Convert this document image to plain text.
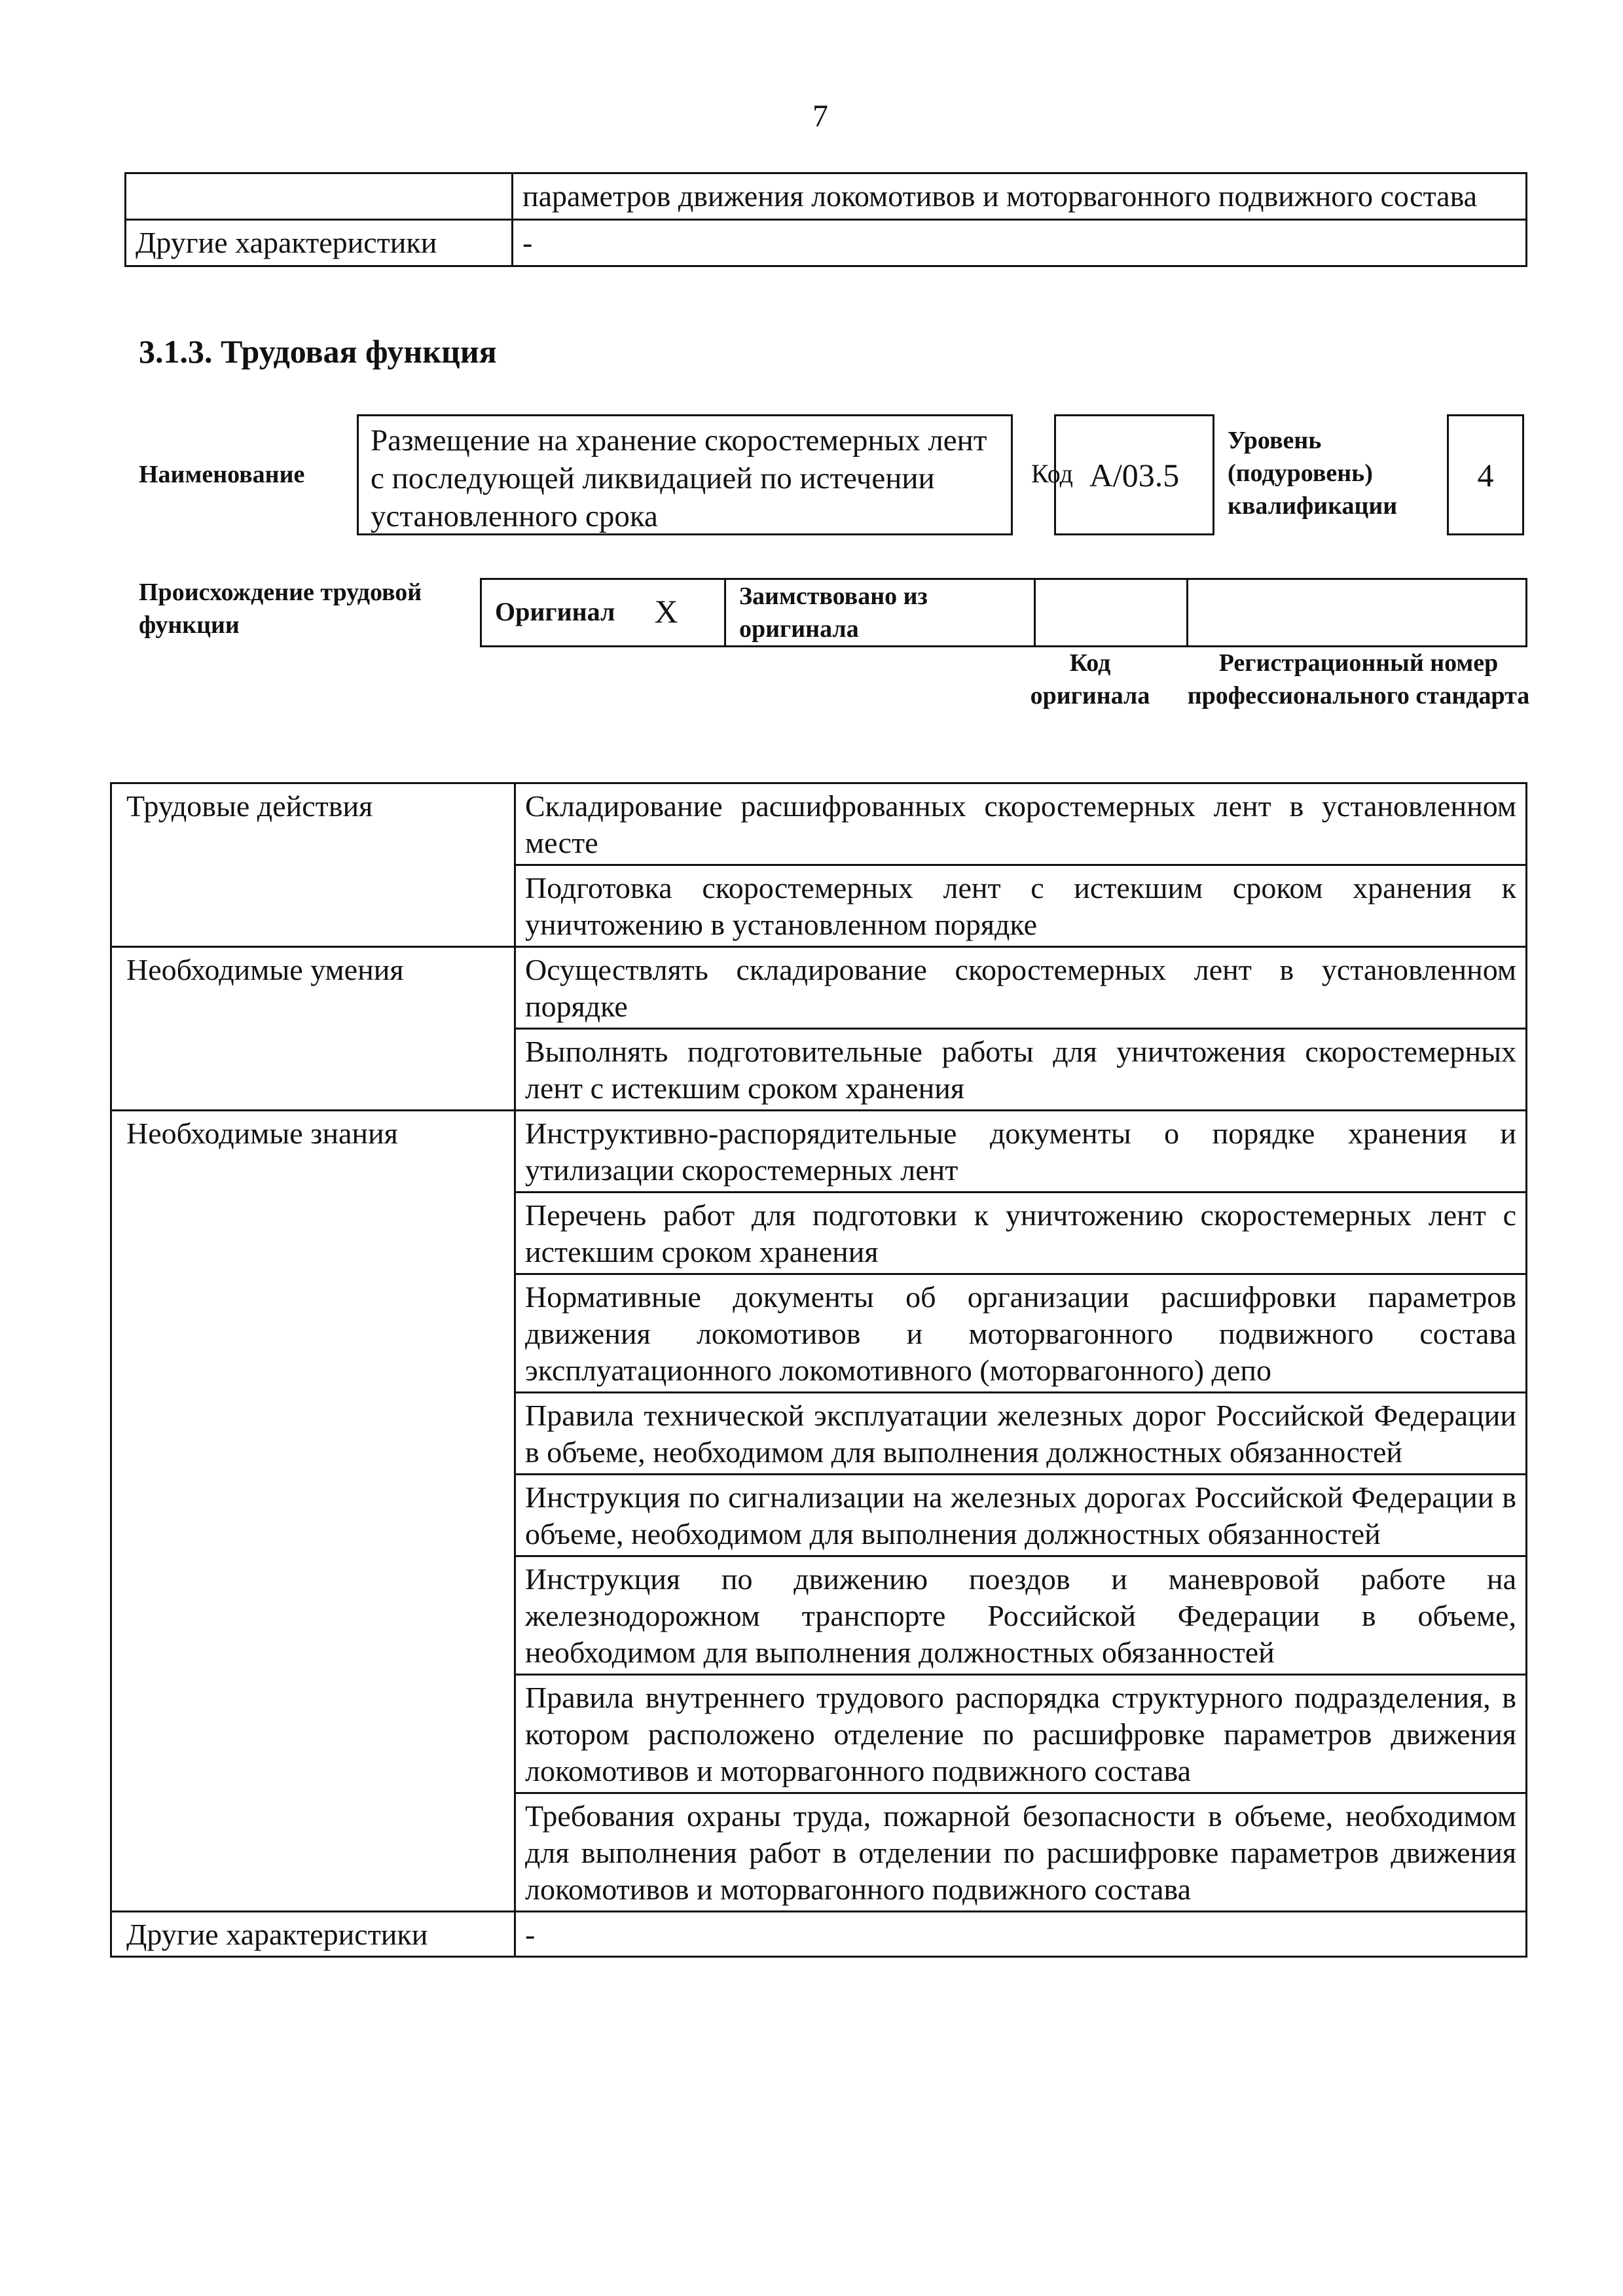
7
	параметров движения локомотивов и моторвагонного подвижного состава
Другие характеристики	-
3.1.3. Трудовая функция
Наименование
Размещение на хранение скоростемерных лент с последующей ликвидацией по истечении установленного срока
Код A/03.5
Уровень (подуровень) квалификации
4
Происхождение трудовой функции	Оригинал X	Заимствовано из оригинала		
Код оригинала
Регистрационный номер профессионального стандарта
Трудовые действия	Складирование расшифрованных скоростемерных лент в установленном месте
	Подготовка скоростемерных лент с истекшим сроком хранения к уничтожению в установленном порядке
Необходимые умения	Осуществлять складирование скоростемерных лент в установленном порядке
	Выполнять подготовительные работы для уничтожения скоростемерных лент с истекшим сроком хранения
Необходимые знания	Инструктивно-распорядительные документы о порядке хранения и утилизации скоростемерных лент
	Перечень работ для подготовки к уничтожению скоростемерных лент с истекшим сроком хранения
	Нормативные документы об организации расшифровки параметров движения локомотивов и моторвагонного подвижного состава эксплуатационного локомотивного (моторвагонного) депо
	Правила технической эксплуатации железных дорог Российской Федерации в объеме, необходимом для выполнения должностных обязанностей
	Инструкция по сигнализации на железных дорогах Российской Федерации в объеме, необходимом для выполнения должностных обязанностей
	Инструкция по движению поездов и маневровой работе на железнодорожном транспорте Российской Федерации в объеме, необходимом для выполнения должностных обязанностей
	Правила внутреннего трудового распорядка структурного подразделения, в котором расположено отделение по расшифровке параметров движения локомотивов и моторвагонного подвижного состава
	Требования охраны труда, пожарной безопасности в объеме, необходимом для выполнения работ в отделении по расшифровке параметров движения локомотивов и моторвагонного подвижного состава
Другие характеристики	-
